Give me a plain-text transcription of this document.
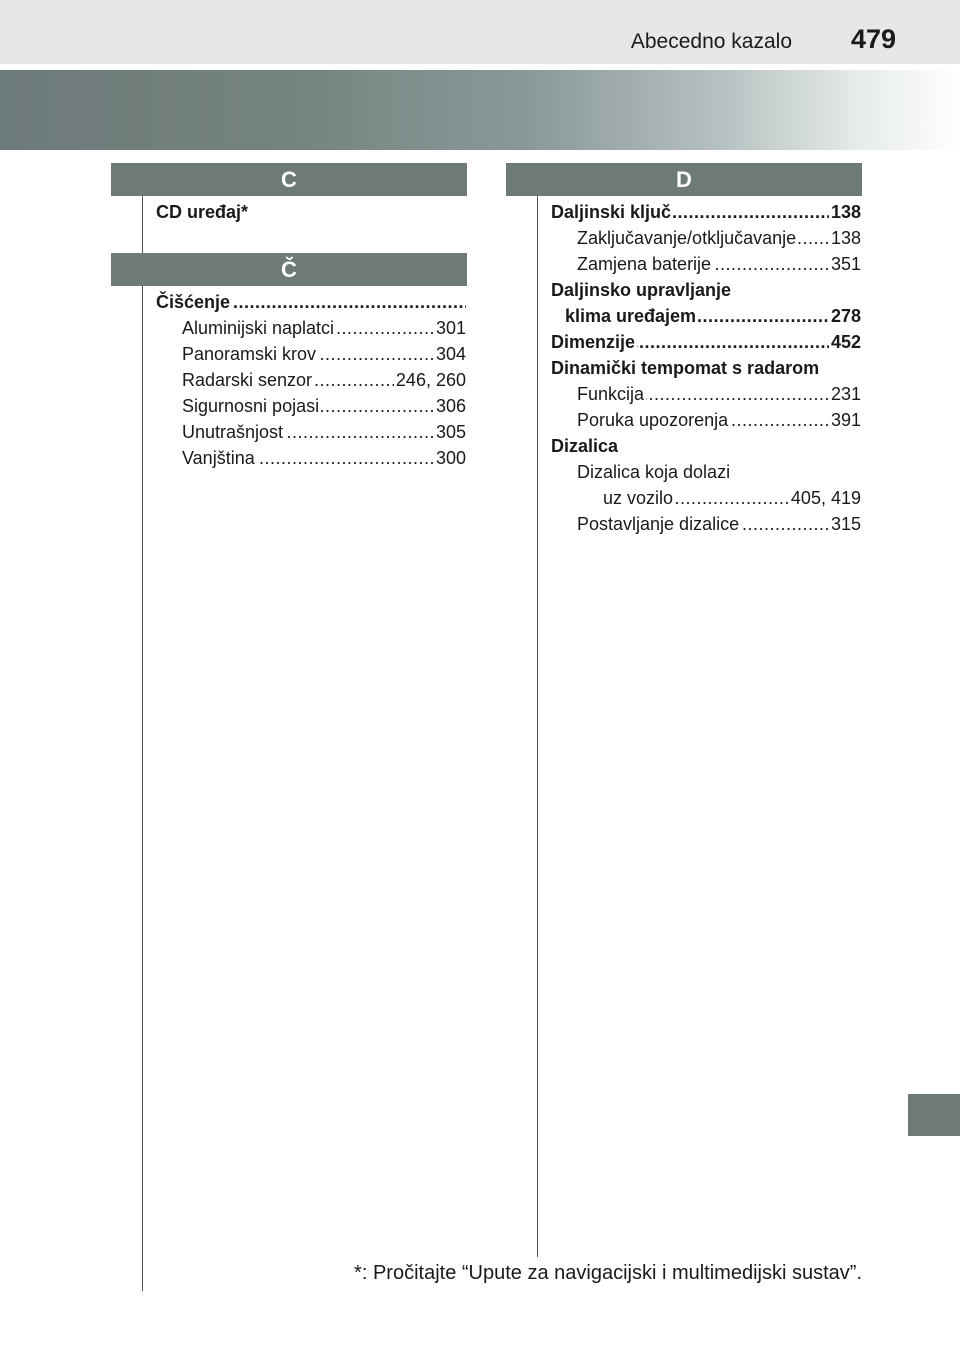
Abecedno kazalo 479
C
CD uređaj*
Č
..... Čišćenje
..... Aluminijski naplatci	301
..... Panoramski krov	304
..... Radarski senzor	246, 260
..... Sigurnosni pojasi	306
..... Unutrašnjost	305
..... Vanjština	300
D
..... Daljinski ključ	138
..... Zaključavanje/otključavanje 138
..... Zamjena baterije	351
Daljinsko upravljanje
..... klima uređajem	278
..... Dimenzije	452
Dinamički tempomat s radarom
..... Funkcija	231
..... Poruka upozorenja	391
Dizalica
Dizalica koja dolazi
..... uz vozilo	405, 419
..... Postavljanje dizalice	315
*: Pročitajte “Upute za navigacijski i multimedijski sustav”.
